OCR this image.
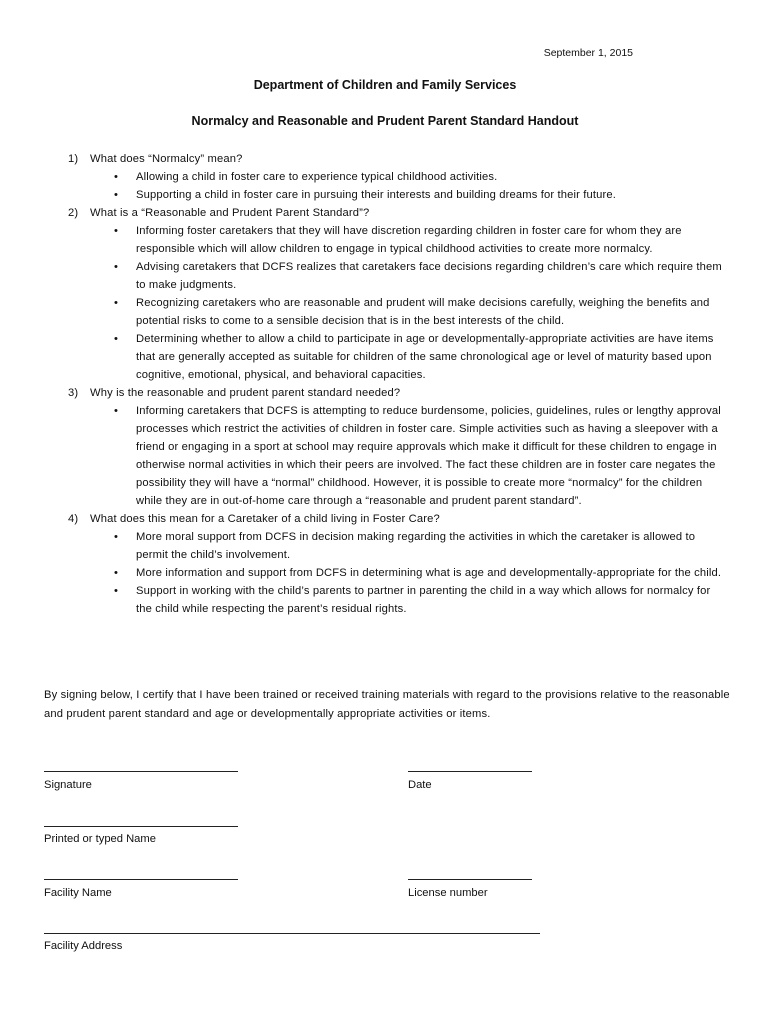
September 1, 2015
Department of Children and Family Services
Normalcy and Reasonable and Prudent Parent Standard Handout
1) What does “Normalcy” mean?
• Allowing a child in foster care to experience typical childhood activities.
• Supporting a child in foster care in pursuing their interests and building dreams for their future.
2) What is a “Reasonable and Prudent Parent Standard”?
• Informing foster caretakers that they will have discretion regarding children in foster care for whom they are responsible which will allow children to engage in typical childhood activities to create more normalcy.
• Advising caretakers that DCFS realizes that caretakers face decisions regarding children’s care which require them to make judgments.
• Recognizing caretakers who are reasonable and prudent will make decisions carefully, weighing the benefits and potential risks to come to a sensible decision that is in the best interests of the child.
• Determining whether to allow a child to participate in age or developmentally-appropriate activities are have items that are generally accepted as suitable for children of the same chronological age or level of maturity based upon cognitive, emotional, physical, and behavioral capacities.
3) Why is the reasonable and prudent parent standard needed?
• Informing caretakers that DCFS is attempting to reduce burdensome, policies, guidelines, rules or lengthy approval processes which restrict the activities of children in foster care. Simple activities such as having a sleepover with a friend or engaging in a sport at school may require approvals which make it difficult for these children to engage in otherwise normal activities in which their peers are involved. The fact these children are in foster care negates the possibility they will have a “normal” childhood. However, it is possible to create more “normalcy” for the children while they are in out-of-home care through a “reasonable and prudent parent standard”.
4) What does this mean for a Caretaker of a child living in Foster Care?
• More moral support from DCFS in decision making regarding the activities in which the caretaker is allowed to permit the child’s involvement.
• More information and support from DCFS in determining what is age and developmentally-appropriate for the child.
• Support in working with the child’s parents to partner in parenting the child in a way which allows for normalcy for the child while respecting the parent’s residual rights.
By signing below, I certify that I have been trained or received training materials with regard to the provisions relative to the reasonable and prudent parent standard and age or developmentally appropriate activities or items.
Signature	Date
Printed or typed Name
Facility Name	License number
Facility Address
